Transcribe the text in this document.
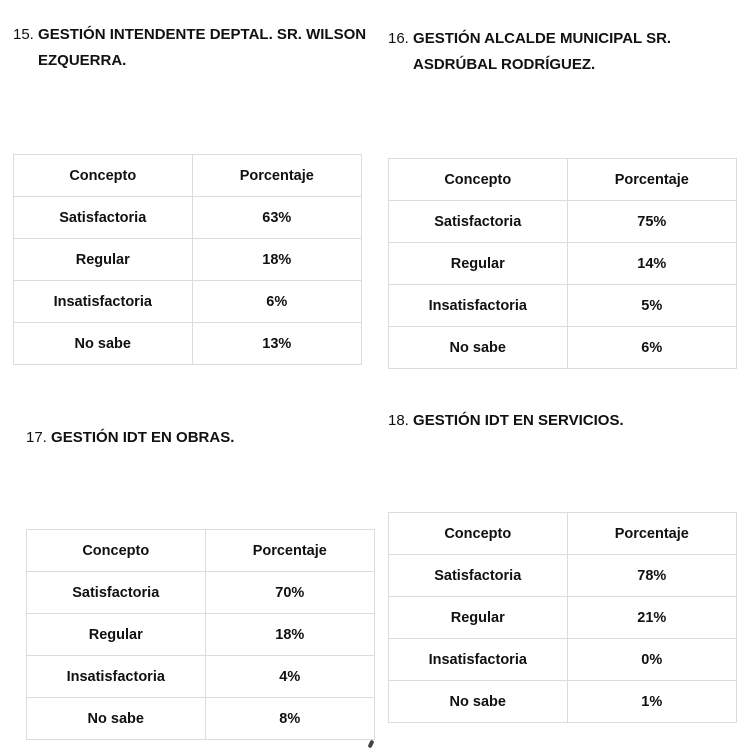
15. GESTIÓN INTENDENTE DEPTAL. SR. WILSON
EZQUERRA.

Concepto	Porcentaje
Satisfactoria	63%
Regular	18%
Insatisfactoria	6%
No sabe	13%

16. GESTIÓN ALCALDE MUNICIPAL SR.
ASDRÚBAL RODRÍGUEZ.

Concepto	Porcentaje
Satisfactoria	75%
Regular	14%
Insatisfactoria	5%
No sabe	6%

17. GESTIÓN IDT EN OBRAS.

Concepto	Porcentaje
Satisfactoria	70%
Regular	18%
Insatisfactoria	4%
No sabe	8%

18. GESTIÓN IDT EN SERVICIOS.

Concepto	Porcentaje
Satisfactoria	78%
Regular	21%
Insatisfactoria	0%
No sabe	1%
